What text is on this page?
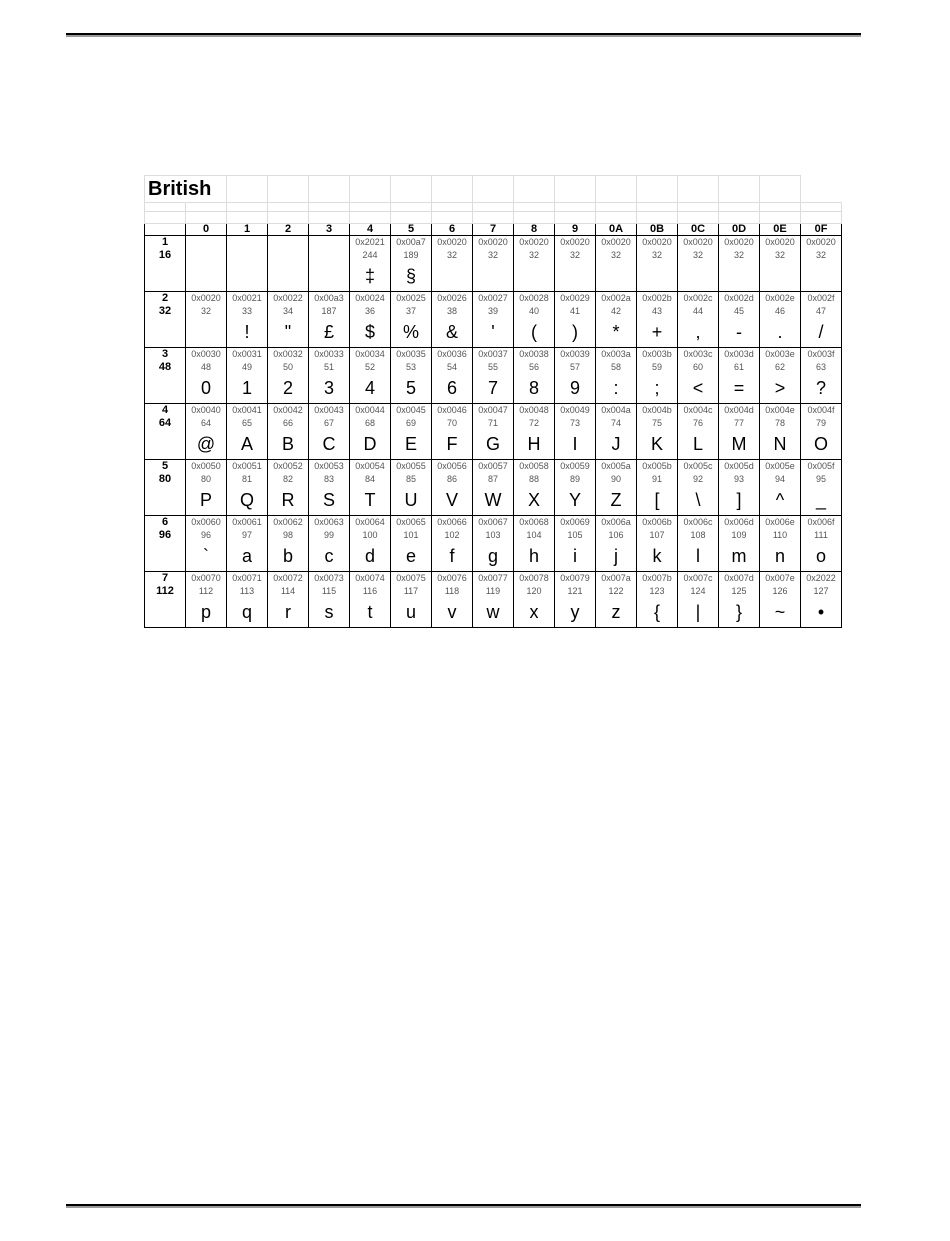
British																

	0	1	2	3	4	5	6	7	8	9	0A	0B	0C	0D	0E	0F
1					0x2021	0x00a7	0x0020	0x0020	0x0020	0x0020	0x0020	0x0020	0x0020	0x0020	0x0020	0x0020
16					244	189	32	32	32	32	32	32	32	32	32	32
					‡	§										
2	0x0020	0x0021	0x0022	0x00a3	0x0024	0x0025	0x0026	0x0027	0x0028	0x0029	0x002a	0x002b	0x002c	0x002d	0x002e	0x002f
32	32	33	34	187	36	37	38	39	40	41	42	43	44	45	46	47
		!	"	£	$	%	&	'	(	)	*	+	,	-	.	/
3	0x0030	0x0031	0x0032	0x0033	0x0034	0x0035	0x0036	0x0037	0x0038	0x0039	0x003a	0x003b	0x003c	0x003d	0x003e	0x003f
48	48	49	50	51	52	53	54	55	56	57	58	59	60	61	62	63
	0	1	2	3	4	5	6	7	8	9	:	;	<	=	>	?
4	0x0040	0x0041	0x0042	0x0043	0x0044	0x0045	0x0046	0x0047	0x0048	0x0049	0x004a	0x004b	0x004c	0x004d	0x004e	0x004f
64	64	65	66	67	68	69	70	71	72	73	74	75	76	77	78	79
	@	A	B	C	D	E	F	G	H	I	J	K	L	M	N	O
5	0x0050	0x0051	0x0052	0x0053	0x0054	0x0055	0x0056	0x0057	0x0058	0x0059	0x005a	0x005b	0x005c	0x005d	0x005e	0x005f
80	80	81	82	83	84	85	86	87	88	89	90	91	92	93	94	95
	P	Q	R	S	T	U	V	W	X	Y	Z	[	\	]	^	_
6	0x0060	0x0061	0x0062	0x0063	0x0064	0x0065	0x0066	0x0067	0x0068	0x0069	0x006a	0x006b	0x006c	0x006d	0x006e	0x006f
96	96	97	98	99	100	101	102	103	104	105	106	107	108	109	110	111
	`	a	b	c	d	e	f	g	h	i	j	k	l	m	n	o
7	0x0070	0x0071	0x0072	0x0073	0x0074	0x0075	0x0076	0x0077	0x0078	0x0079	0x007a	0x007b	0x007c	0x007d	0x007e	0x2022
112	112	113	114	115	116	117	118	119	120	121	122	123	124	125	126	127
	p	q	r	s	t	u	v	w	x	y	z	{	|	}	~	•
